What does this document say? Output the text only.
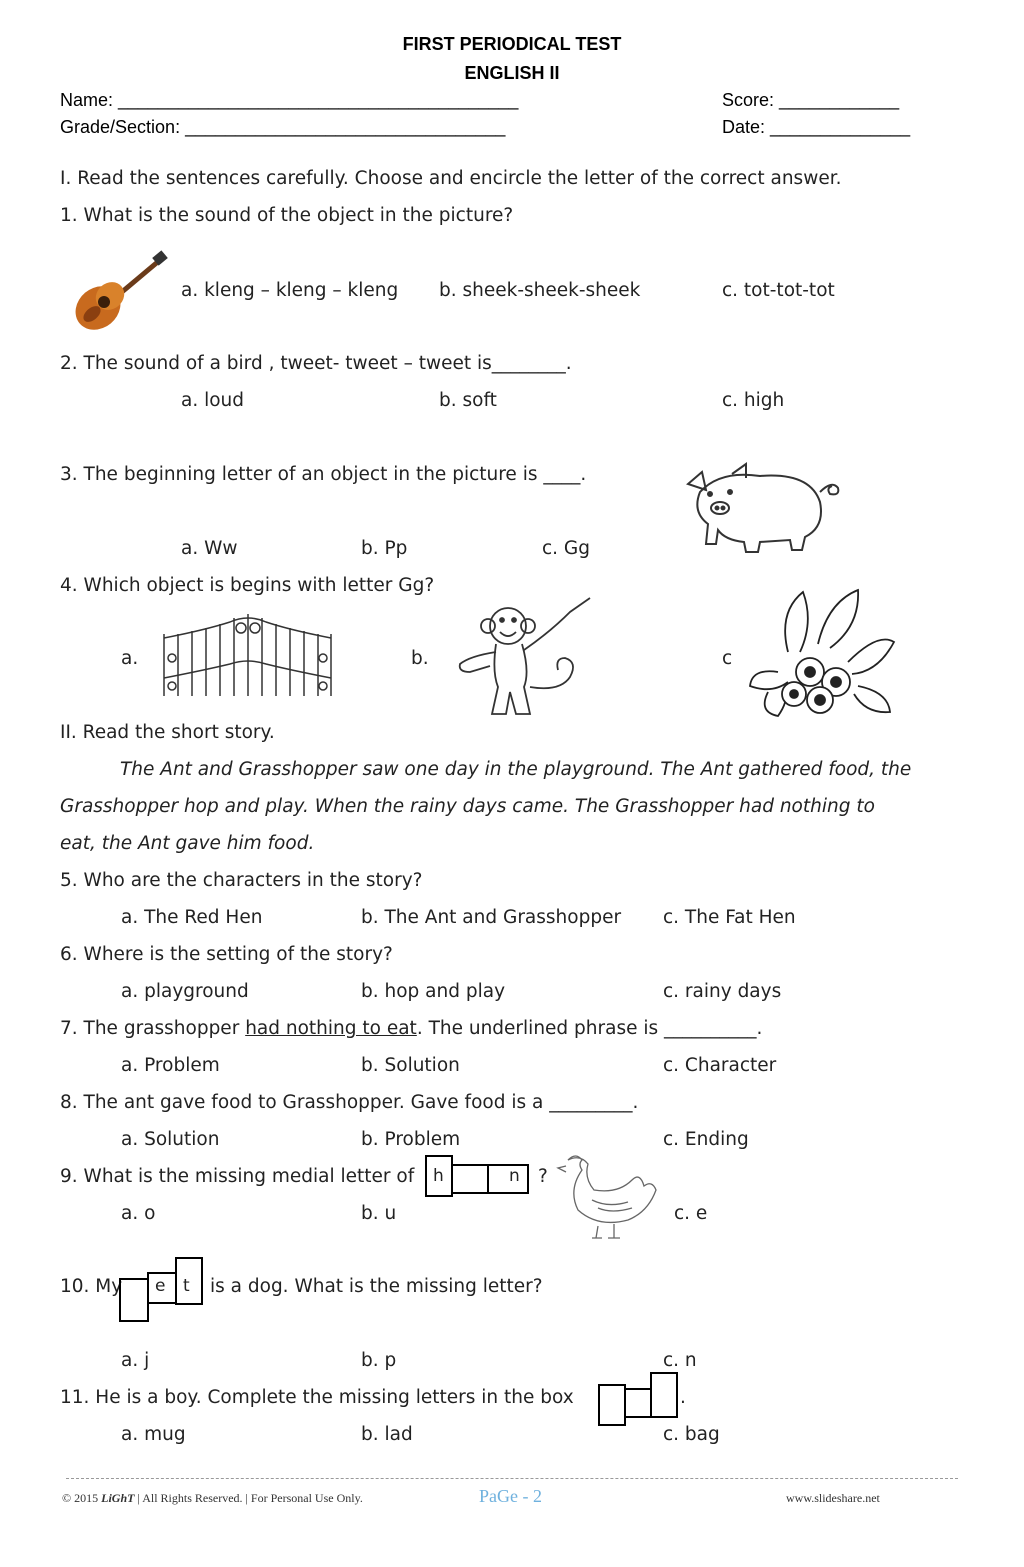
FIRST PERIODICAL TEST
ENGLISH II
Name: ________________________________________	Score: ____________
Grade/Section: ________________________________	Date: ______________
I. Read the sentences carefully. Choose and encircle the letter of the correct answer.
1. What is the sound of the object in the picture?
a. kleng – kleng – kleng b. sheek-sheek-sheek	c. tot-tot-tot
2. The sound of a bird , tweet- tweet – tweet is________.
a. loud	b. soft	c. high
3. The beginning letter of an object in the picture is ____.
a. Ww	b. Pp	c. Gg
4. Which object is begins with letter Gg?
a.	b.	c
II. Read the short story.
The Ant and Grasshopper saw one day in the playground. The Ant gathered food, the
Grasshopper hop and play. When the rainy days came. The Grasshopper had nothing to
eat, the Ant gave him food.
5. Who are the characters in the story?
a. The Red Hen	b. The Ant and Grasshopper c. The Fat Hen
6. Where is the setting of the story?
a. playground	b. hop and play	c. rainy days
7. The grasshopper had nothing to eat. The underlined phrase is __________.
a. Problem	b. Solution	c. Character
8. The ant gave food to Grasshopper. Gave food is a _________.
a. Solution	b. Problem	c. Ending
9. What is the missing medial letter of h	n ?
a. o	b. u	c. e
10. My e t is a dog. What is the missing letter?
a. j	b. p	c. n
11. He is a boy. Complete the missing letters in the box	.
a. mug	b. lad	c. bag
© 2015 LiGhT | All Rights Reserved. | For Personal Use Only.	PaGe - 2	www.slideshare.net
